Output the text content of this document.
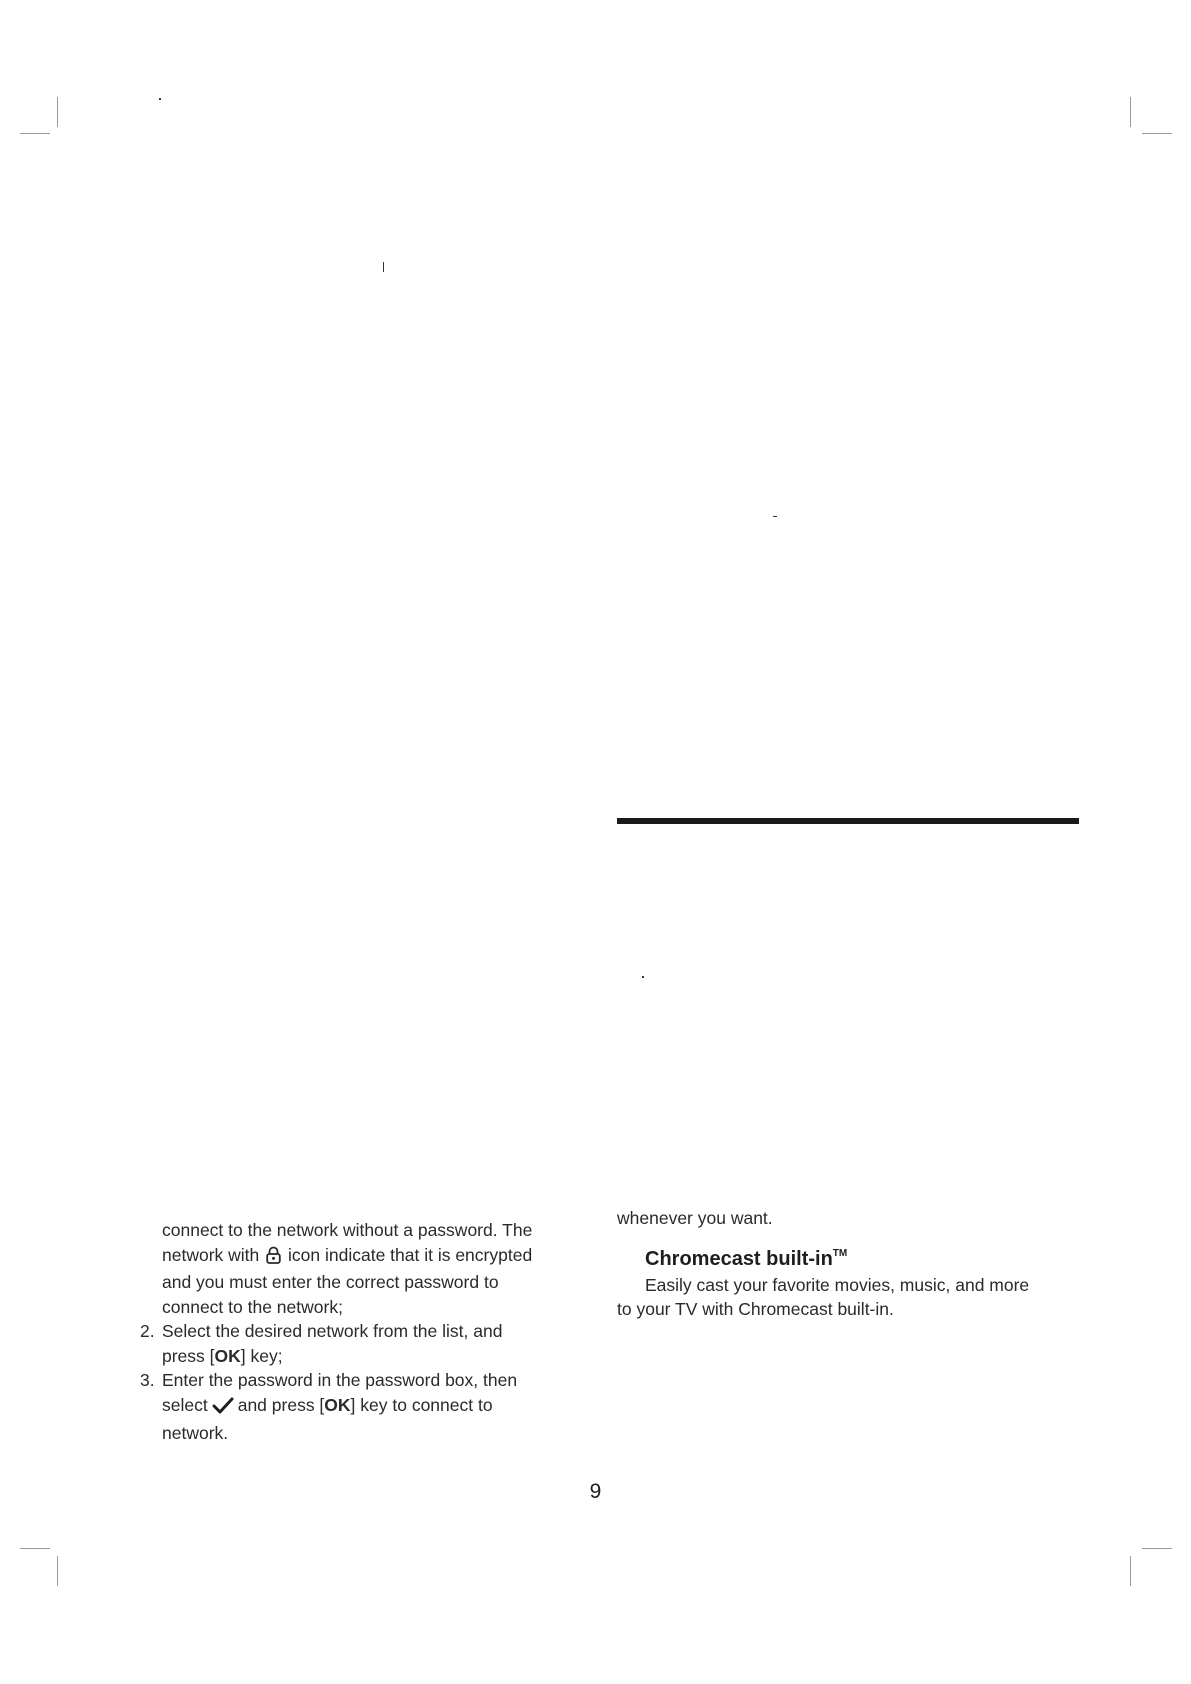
connect to the network without a password. The
network with icon indicate that it is encrypted
and you must enter the correct password to
connect to the network;
2. Select the desired network from the list, and
press [OK] key;
3. Enter the password in the password box, then
select and press [OK] key to connect to
network.
whenever you want.
Chromecast built-in™
Easily cast your favorite movies, music, and more
to your TV with Chromecast built-in.
9
